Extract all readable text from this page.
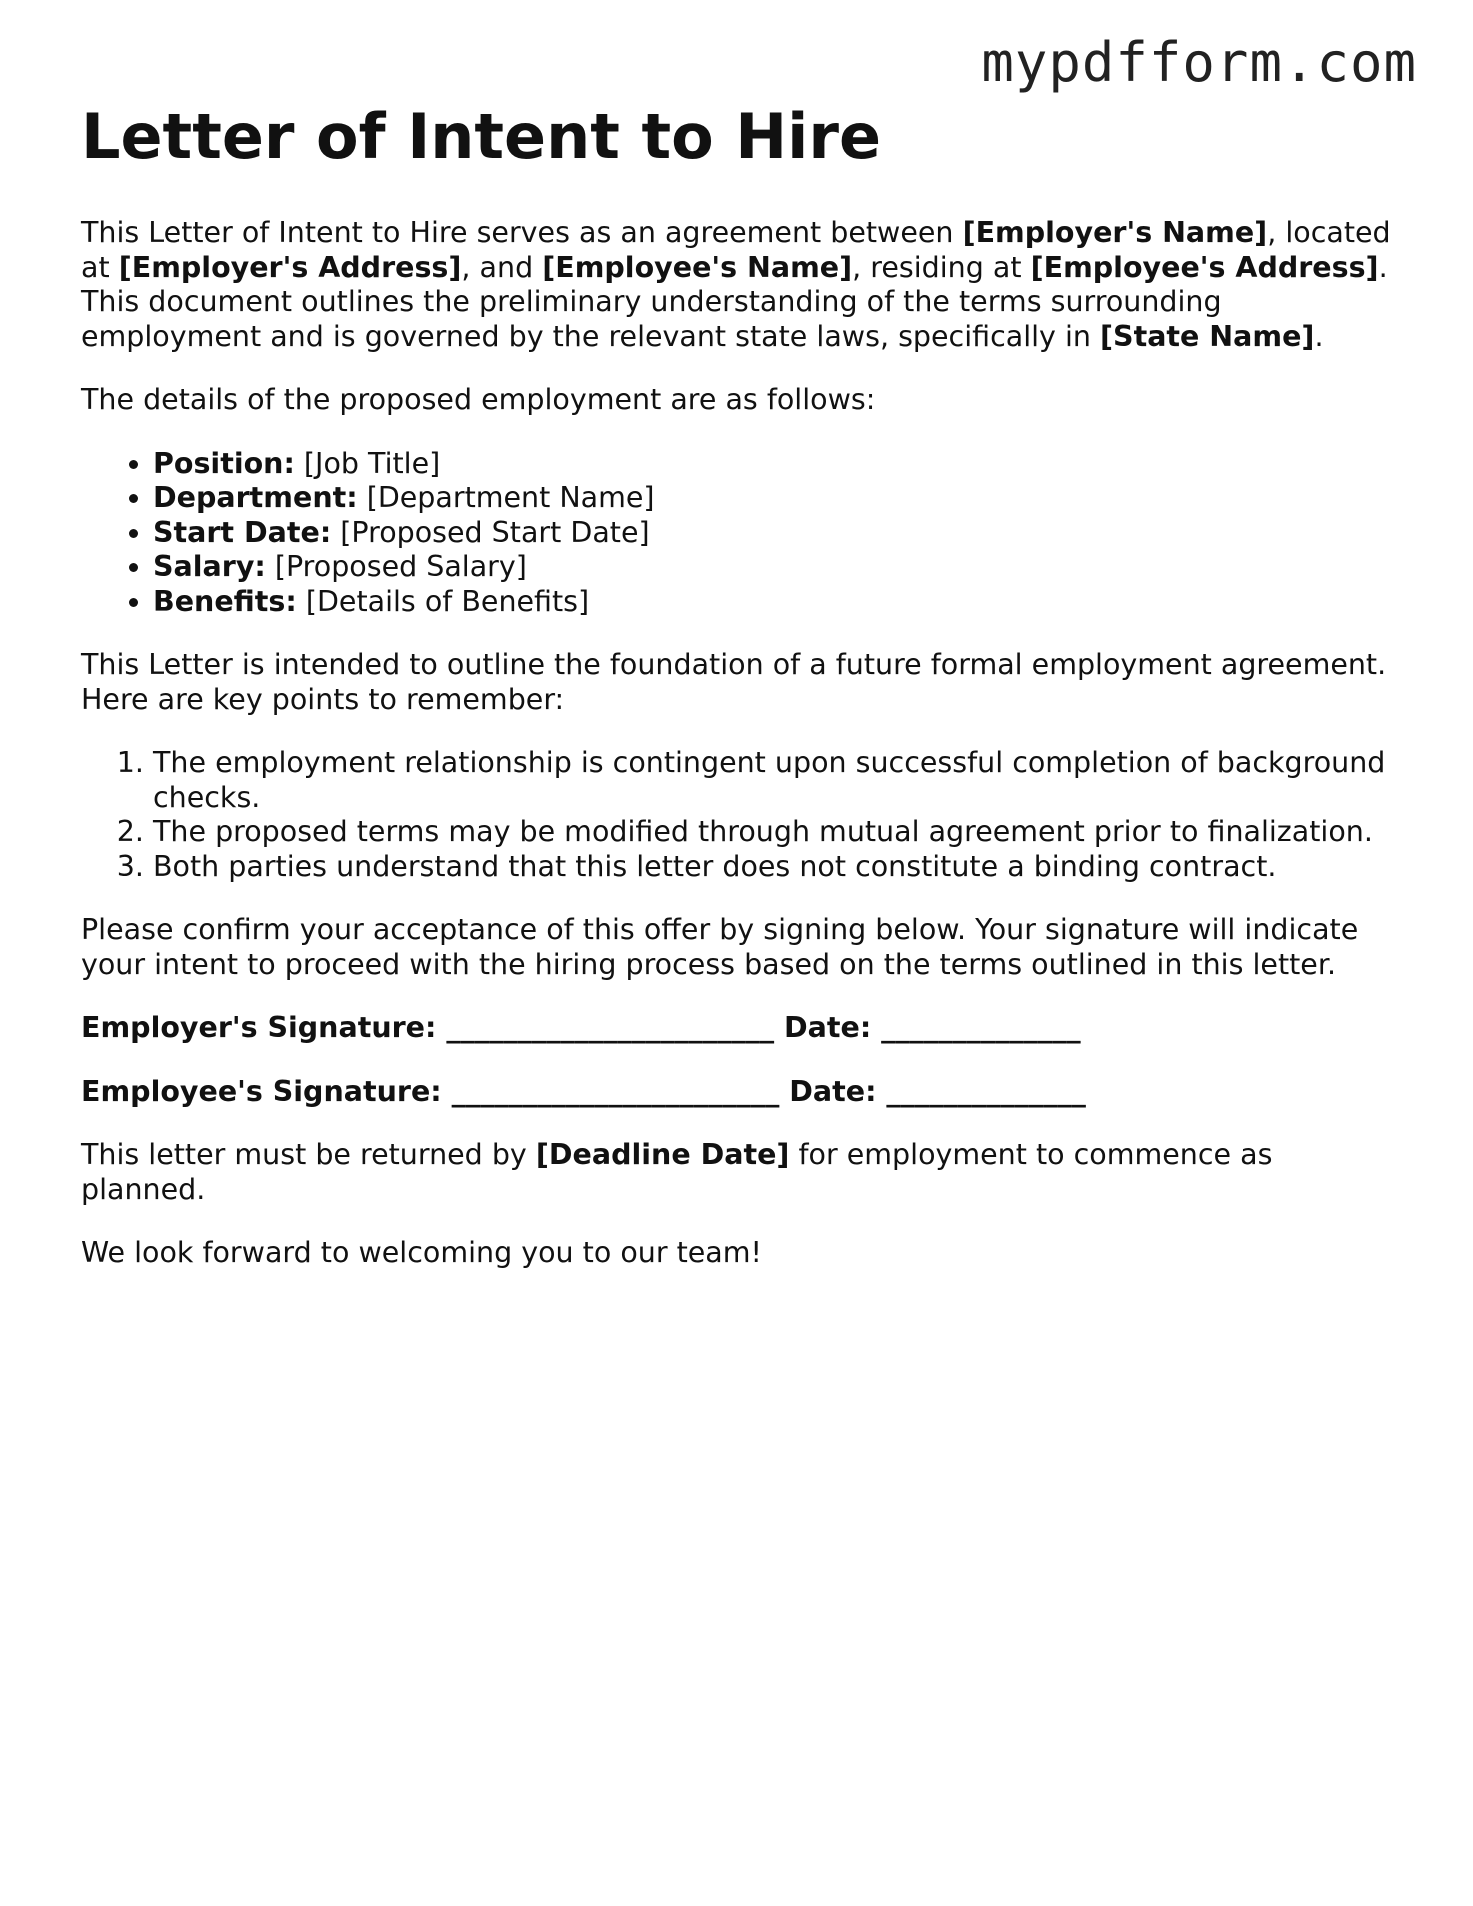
mypdfform.com

Letter of Intent to Hire

This Letter of Intent to Hire serves as an agreement between [Employer's Name], located at [Employer's Address], and [Employee's Name], residing at [Employee's Address]. This document outlines the preliminary understanding of the terms surrounding employment and is governed by the relevant state laws, specifically in [State Name].

The details of the proposed employment are as follows:

• Position: [Job Title]
• Department: [Department Name]
• Start Date: [Proposed Start Date]
• Salary: [Proposed Salary]
• Benefits: [Details of Benefits]

This Letter is intended to outline the foundation of a future formal employment agreement. Here are key points to remember:

1. The employment relationship is contingent upon successful completion of background checks.
2. The proposed terms may be modified through mutual agreement prior to finalization.
3. Both parties understand that this letter does not constitute a binding contract.

Please confirm your acceptance of this offer by signing below. Your signature will indicate your intent to proceed with the hiring process based on the terms outlined in this letter.

Employer's Signature: _______________________ Date: ______________

Employee's Signature: _______________________ Date: ______________

This letter must be returned by [Deadline Date] for employment to commence as planned.

We look forward to welcoming you to our team!
